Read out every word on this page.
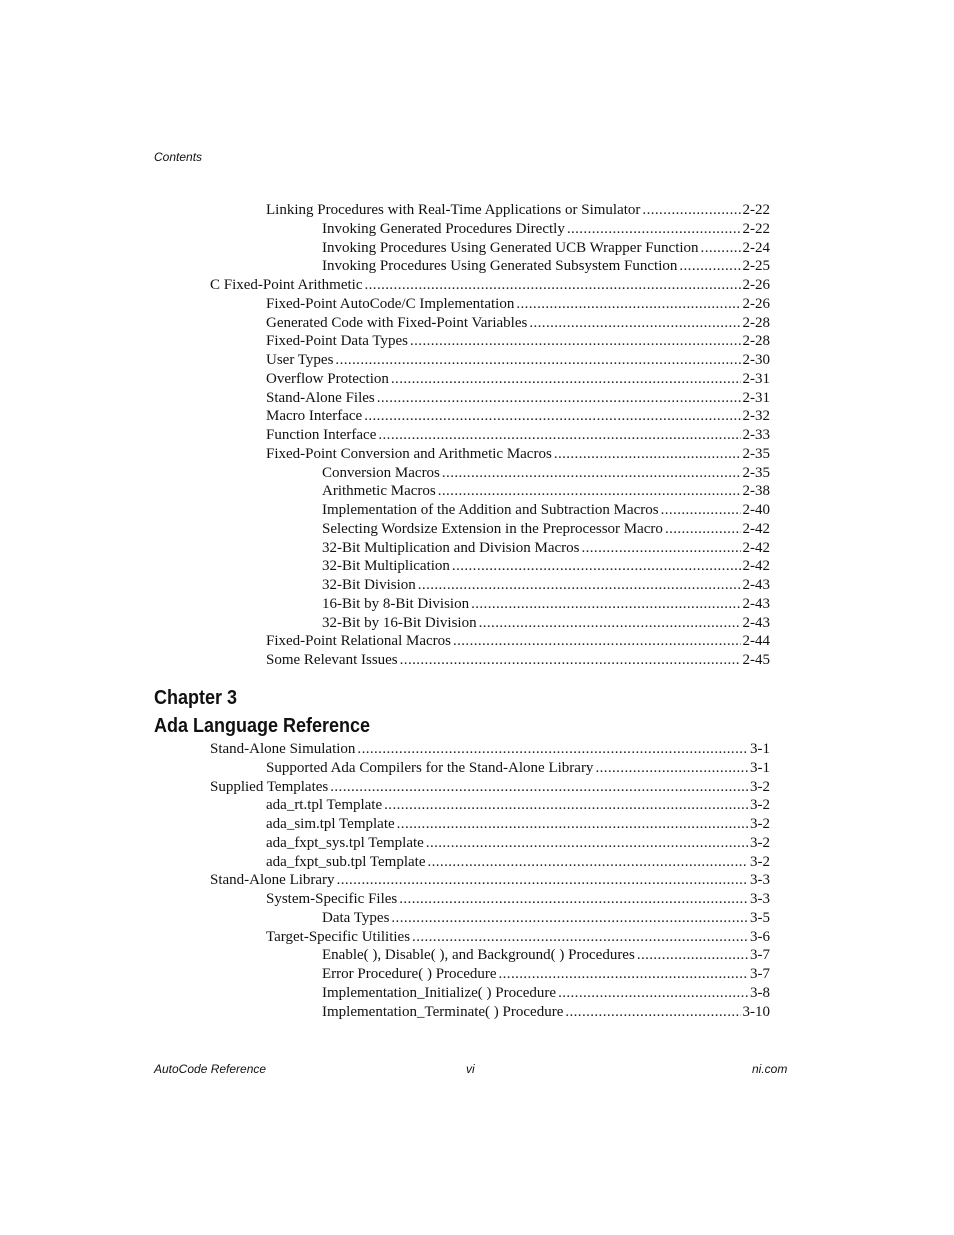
Contents
Linking Procedures with Real-Time Applications or Simulator .....	2-22
Invoking Generated Procedures Directly .....	2-22
Invoking Procedures Using Generated UCB Wrapper Function .....	2-24
Invoking Procedures Using Generated Subsystem Function .....	2-25
C Fixed-Point Arithmetic .....	2-26
Fixed-Point AutoCode/C Implementation .....	2-26
Generated Code with Fixed-Point Variables .....	2-28
Fixed-Point Data Types .....	2-28
User Types .....	2-30
Overflow Protection .....	2-31
Stand-Alone Files .....	2-31
Macro Interface .....	2-32
Function Interface .....	2-33
Fixed-Point Conversion and Arithmetic Macros .....	2-35
Conversion Macros .....	2-35
Arithmetic Macros .....	2-38
Implementation of the Addition and Subtraction Macros .....	2-40
Selecting Wordsize Extension in the Preprocessor Macro .....	2-42
32-Bit Multiplication and Division Macros .....	2-42
32-Bit Multiplication .....	2-42
32-Bit Division .....	2-43
16-Bit by 8-Bit Division .....	2-43
32-Bit by 16-Bit Division .....	2-43
Fixed-Point Relational Macros .....	2-44
Some Relevant Issues .....	2-45
Chapter 3
Ada Language Reference
Stand-Alone Simulation .....	3-1
Supported Ada Compilers for the Stand-Alone Library .....	3-1
Supplied Templates .....	3-2
ada_rt.tpl Template .....	3-2
ada_sim.tpl Template .....	3-2
ada_fxpt_sys.tpl Template .....	3-2
ada_fxpt_sub.tpl Template .....	3-2
Stand-Alone Library .....	3-3
System-Specific Files .....	3-3
Data Types .....	3-5
Target-Specific Utilities .....	3-6
Enable( ), Disable( ), and Background( ) Procedures .....	3-7
Error Procedure( ) Procedure .....	3-7
Implementation_Initialize( ) Procedure .....	3-8
Implementation_Terminate( ) Procedure .....	3-10
AutoCode Reference	vi	ni.com
